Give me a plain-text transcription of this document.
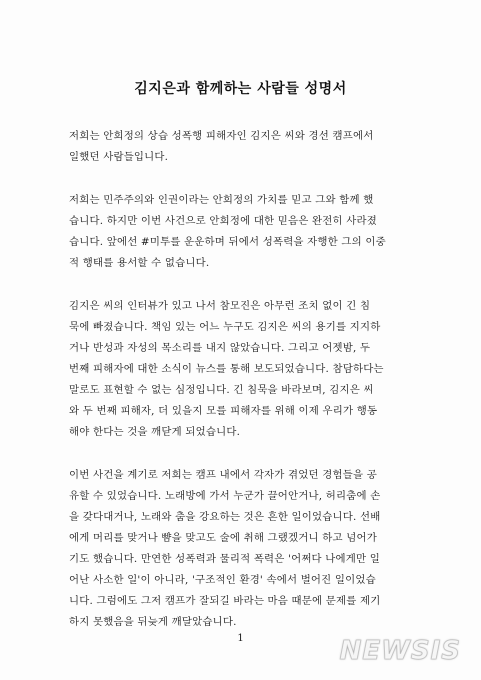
김지은과 함께하는 사람들 성명서

저희는 안희정의 상습 성폭행 피해자인 김지은 씨와 경선 캠프에서
일했던 사람들입니다.

저희는 민주주의와 인권이라는 안희정의 가치를 믿고 그와 함께 했
습니다. 하지만 이번 사건으로 안희정에 대한 믿음은 완전히 사라졌
습니다. 앞에선 #미투를 운운하며 뒤에서 성폭력을 자행한 그의 이중
적 행태를 용서할 수 없습니다.

김지은 씨의 인터뷰가 있고 나서 참모진은 아무런 조치 없이 긴 침
묵에 빠졌습니다. 책임 있는 어느 누구도 김지은 씨의 용기를 지지하
거나 반성과 자성의 목소리를 내지 않았습니다. 그리고 어젯밤, 두
번째 피해자에 대한 소식이 뉴스를 통해 보도되었습니다. 참담하다는
말로도 표현할 수 없는 심정입니다. 긴 침묵을 바라보며, 김지은 씨
와 두 번째 피해자, 더 있을지 모를 피해자를 위해 이제 우리가 행동
해야 한다는 것을 깨닫게 되었습니다.

이번 사건을 계기로 저희는 캠프 내에서 각자가 겪었던 경험들을 공
유할 수 있었습니다. 노래방에 가서 누군가 끌어안거나, 허리춤에 손
을 갖다대거나, 노래와 춤을 강요하는 것은 흔한 일이었습니다. 선배
에게 머리를 맞거나 뺨을 맞고도 술에 취해 그랬겠거니 하고 넘어가
기도 했습니다. 만연한 성폭력과 물리적 폭력은 '어쩌다 나에게만 일
어난 사소한 일'이 아니라, '구조적인 환경' 속에서 벌어진 일이었습
니다. 그럼에도 그저 캠프가 잘되길 바라는 마음 때문에 문제를 제기
하지 못했음을 뒤늦게 깨달았습니다.

1	NEWSIS
